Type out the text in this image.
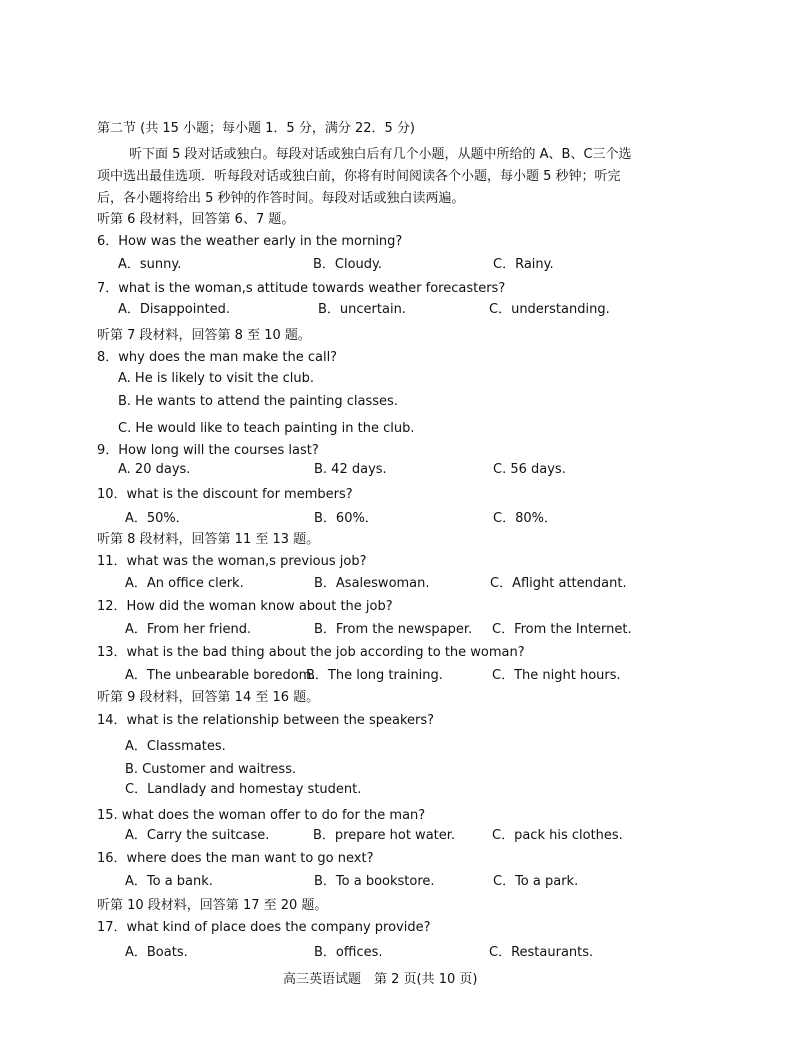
第二节 (共 15 小题；每小题 1．5 分，满分 22．5 分)
听下面 5 段对话或独白。每段对话或独白后有几个小题，从题中所给的 A、B、C三个选
项中选出最佳选项．听每段对话或独白前，你将有时间阅读各个小题，每小题 5 秒钟；听完
后，各小题将给出 5 秒钟的作答时间。每段对话或独白读两遍。
听第 6 段材料，回答第 6、7 题。
6．How was the weather early in the morning?
A．sunny.	B．Cloudy.	C．Rainy.
7．what is the woman,s attitude towards weather forecasters?
A．Disappointed.	B．uncertain.	C．understanding.
听第 7 段材料，回答第 8 至 10 题。
8．why does the man make the call?
A. He is likely to visit the club.
B. He wants to attend the painting classes.
C. He would like to teach painting in the club.
9．How long will the courses last?
A. 20 days.	B. 42 days.	C. 56 days.
10．what is the discount for members?
A．50%．	B．60%．	C．80%．
听第 8 段材料，回答第 11 至 13 题。
11．what was the woman,s previous job?
A．An office clerk.	B．Asaleswoman.	C．Aflight attendant.
12．How did the woman know about the job?
A．From her friend.	B．From the newspaper. C．From the Internet.
13．what is the bad thing about the job according to the woman?
A．The unbearable boredom.
B．The long training.	C．The night hours.
听第 9 段材料，回答第 14 至 16 题。
14．what is the relationship between the speakers?
A．Classmates.
B. Customer and waitress.
C．Landlady and homestay student.
15. what does the woman offer to do for the man?
A．Carry the suitcase.	B．prepare hot water.	C．pack his clothes.
16．where does the man want to go next?
A．To a bank.	B．To a bookstore.	C．To a park.
听第 10 段材料，回答第 17 至 20 题。
17．what kind of place does the company provide?
A．Boats.	B．offices.	C．Restaurants.
高三英语试题　第 2 页(共 10 页)
